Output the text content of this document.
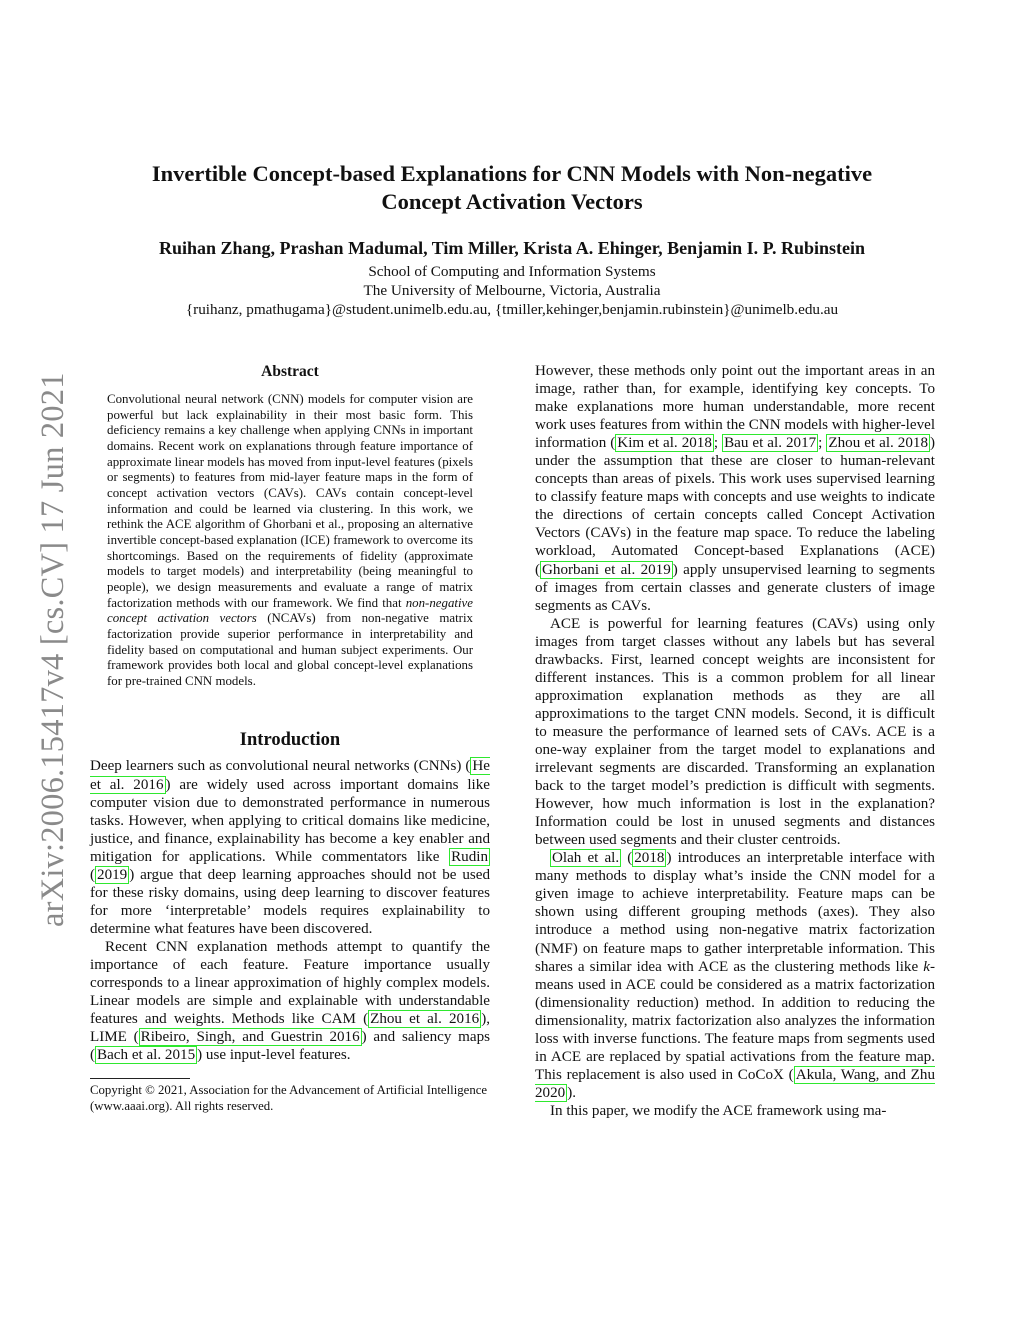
arXiv:2006.15417v4 [cs.CV] 17 Jun 2021
Invertible Concept-based Explanations for CNN Models with Non-negative
Concept Activation Vectors
Ruihan Zhang, Prashan Madumal, Tim Miller, Krista A. Ehinger, Benjamin I. P. Rubinstein
School of Computing and Information Systems
The University of Melbourne, Victoria, Australia
{ruihanz, pmathugama}@student.unimelb.edu.au, {tmiller,kehinger,benjamin.rubinstein}@unimelb.edu.au
Abstract

Convolutional neural network (CNN) models for computer vision are powerful but lack explainability in their most basic form. This deficiency remains a key challenge when applying CNNs in important domains. Recent work on explanations through feature importance of approximate linear models has moved from input-level features (pixels or segments) to features from mid-layer feature maps in the form of concept activation vectors (CAVs). CAVs contain concept-level information and could be learned via clustering. In this work, we rethink the ACE algorithm of Ghorbani et al., proposing an alternative invertible concept-based explanation (ICE) framework to overcome its shortcomings. Based on the requirements of fidelity (approximate models to target models) and interpretability (being meaningful to people), we design measurements and evaluate a range of matrix factorization methods with our framework. We find that non-negative concept activation vectors (NCAVs) from non-negative matrix factorization provide superior performance in interpretability and fidelity based on computational and human subject experiments. Our framework provides both local and global concept-level explanations for pre-trained CNN models.

Introduction

Deep learners such as convolutional neural networks (CNNs) ( He et al. 2016 ) are widely used across important domains like computer vision due to demonstrated performance in numerous tasks. However, when applying to critical domains like medicine, justice, and finance, explainability has become a key enabler and mitigation for applications. While commentators like Rudin ( 2019 ) argue that deep learning approaches should not be used for these risky domains, using deep learning to discover features for more ‘interpretable’ models requires explainability to determine what features have been discovered.

Recent CNN explanation methods attempt to quantify the importance of each feature. Feature importance usually corresponds to a linear approximation of highly complex models. Linear models are simple and explainable with understandable features and weights. Methods like CAM ( Zhou et al. 2016 ), LIME ( Ribeiro, Singh, and Guestrin 2016 ) and saliency maps ( Bach et al. 2015 ) use input-level features.

Copyright © 2021, Association for the Advancement of Artificial Intelligence (www.aaai.org). All rights reserved.

However, these methods only point out the important areas in an image, rather than, for example, identifying key concepts. To make explanations more human understandable, more recent work uses features from within the CNN models with higher-level information ( Kim et al. 2018 ; Bau et al. 2017 ; Zhou et al. 2018 ) under the assumption that these are closer to human-relevant concepts than areas of pixels. This work uses supervised learning to classify feature maps with concepts and use weights to indicate the directions of certain concepts called Concept Activation Vectors (CAVs) in the feature map space. To reduce the labeling workload, Automated Concept-based Explanations (ACE) ( Ghorbani et al. 2019 ) apply unsupervised learning to segments of images from certain classes and generate clusters of image segments as CAVs.

ACE is powerful for learning features (CAVs) using only images from target classes without any labels but has several drawbacks. First, learned concept weights are inconsistent for different instances. This is a common problem for all linear approximation explanation methods as they are all approximations to the target CNN models. Second, it is difficult to measure the performance of learned sets of CAVs. ACE is a one-way explainer from the target model to explanations and irrelevant segments are discarded. Transforming an explanation back to the target model’s prediction is difficult with segments. However, how much information is lost in the explanation? Information could be lost in unused segments and distances between used segments and their cluster centroids.

Olah et al. ( 2018 ) introduces an interpretable interface with many methods to display what’s inside the CNN model for a given image to achieve interpretability. Feature maps can be shown using different grouping methods (axes). They also introduce a method using non-negative matrix factorization (NMF) on feature maps to gather interpretable information. This shares a similar idea with ACE as the clustering methods like k-means used in ACE could be considered as a matrix factorization (dimensionality reduction) method. In addition to reducing the dimensionality, matrix factorization also analyzes the information loss with inverse functions. The feature maps from segments used in ACE are replaced by spatial activations from the feature map. This replacement is also used in CoCoX ( Akula, Wang, and Zhu 2020 ).

In this paper, we modify the ACE framework using ma-
